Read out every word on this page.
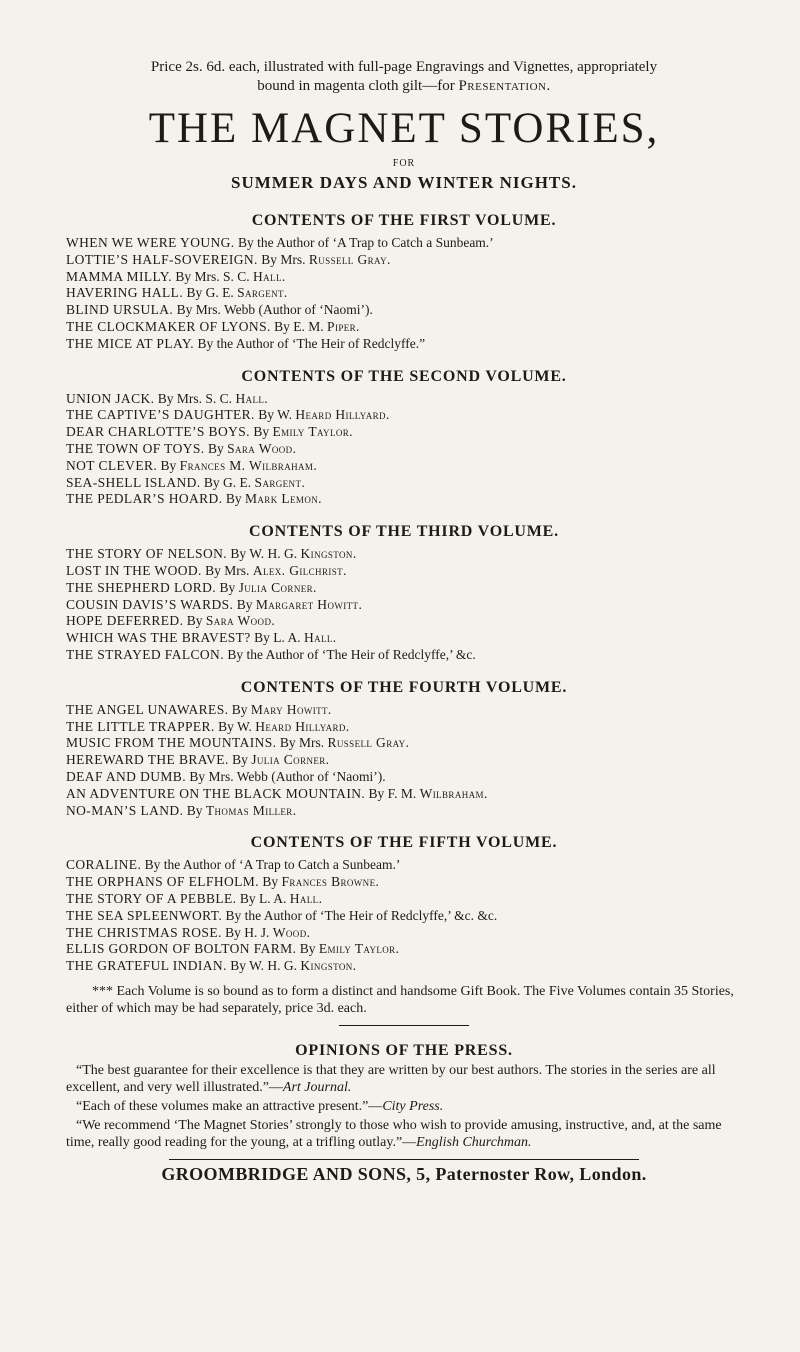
Price 2s. 6d. each, illustrated with full-page Engravings and Vignettes, appropriately
bound in magenta cloth gilt—for Presentation.

THE MAGNET STORIES,
FOR
SUMMER DAYS AND WINTER NIGHTS.
CONTENTS OF THE FIRST VOLUME.
WHEN WE WERE YOUNG. By the Author of ‘A Trap to Catch a Sunbeam.’
LOTTIE’S HALF-SOVEREIGN. By Mrs. Russell Gray.
MAMMA MILLY. By Mrs. S. C. Hall.
HAVERING HALL. By G. E. Sargent.
BLIND URSULA. By Mrs. Webb (Author of ‘Naomi’).
THE CLOCKMAKER OF LYONS. By E. M. Piper.
THE MICE AT PLAY. By the Author of ‘The Heir of Redclyffe.”
CONTENTS OF THE SECOND VOLUME.
UNION JACK. By Mrs. S. C. Hall.
THE CAPTIVE’S DAUGHTER. By W. Heard Hillyard.
DEAR CHARLOTTE’S BOYS. By Emily Taylor.
THE TOWN OF TOYS. By Sara Wood.
NOT CLEVER. By Frances M. Wilbraham.
SEA-SHELL ISLAND. By G. E. Sargent.
THE PEDLAR’S HOARD. By Mark Lemon.
CONTENTS OF THE THIRD VOLUME.
THE STORY OF NELSON. By W. H. G. Kingston.
LOST IN THE WOOD. By Mrs. Alex. Gilchrist.
THE SHEPHERD LORD. By Julia Corner.
COUSIN DAVIS’S WARDS. By Margaret Howitt.
HOPE DEFERRED. By Sara Wood.
WHICH WAS THE BRAVEST? By L. A. Hall.
THE STRAYED FALCON. By the Author of ‘The Heir of Redclyffe,’ &c.
CONTENTS OF THE FOURTH VOLUME.
THE ANGEL UNAWARES. By Mary Howitt.
THE LITTLE TRAPPER. By W. Heard Hillyard.
MUSIC FROM THE MOUNTAINS. By Mrs. Russell Gray.
HEREWARD THE BRAVE. By Julia Corner.
DEAF AND DUMB. By Mrs. Webb (Author of ‘Naomi’).
AN ADVENTURE ON THE BLACK MOUNTAIN. By F. M. Wilbraham.
NO-MAN’S LAND. By Thomas Miller.
CONTENTS OF THE FIFTH VOLUME.
CORALINE. By the Author of ‘A Trap to Catch a Sunbeam.’
THE ORPHANS OF ELFHOLM. By Frances Browne.
THE STORY OF A PEBBLE. By L. A. Hall.
THE SEA SPLEENWORT. By the Author of ‘The Heir of Redclyffe,’ &c. &c.
THE CHRISTMAS ROSE. By H. J. Wood.
ELLIS GORDON OF BOLTON FARM. By Emily Taylor.
THE GRATEFUL INDIAN. By W. H. G. Kingston.
*** Each Volume is so bound as to form a distinct and handsome Gift Book. The Five Volumes contain 35 Stories, either of which may be had separately, price 3d. each.
OPINIONS OF THE PRESS.
“The best guarantee for their excellence is that they are written by our best authors. The stories in the series are all excellent, and very well illustrated.”—Art Journal.
“Each of these volumes make an attractive present.”—City Press.
“We recommend ‘The Magnet Stories’ strongly to those who wish to provide amusing, instructive, and, at the same time, really good reading for the young, at a trifling outlay.”—English Churchman.
GROOMBRIDGE AND SONS, 5, Paternoster Row, London.
